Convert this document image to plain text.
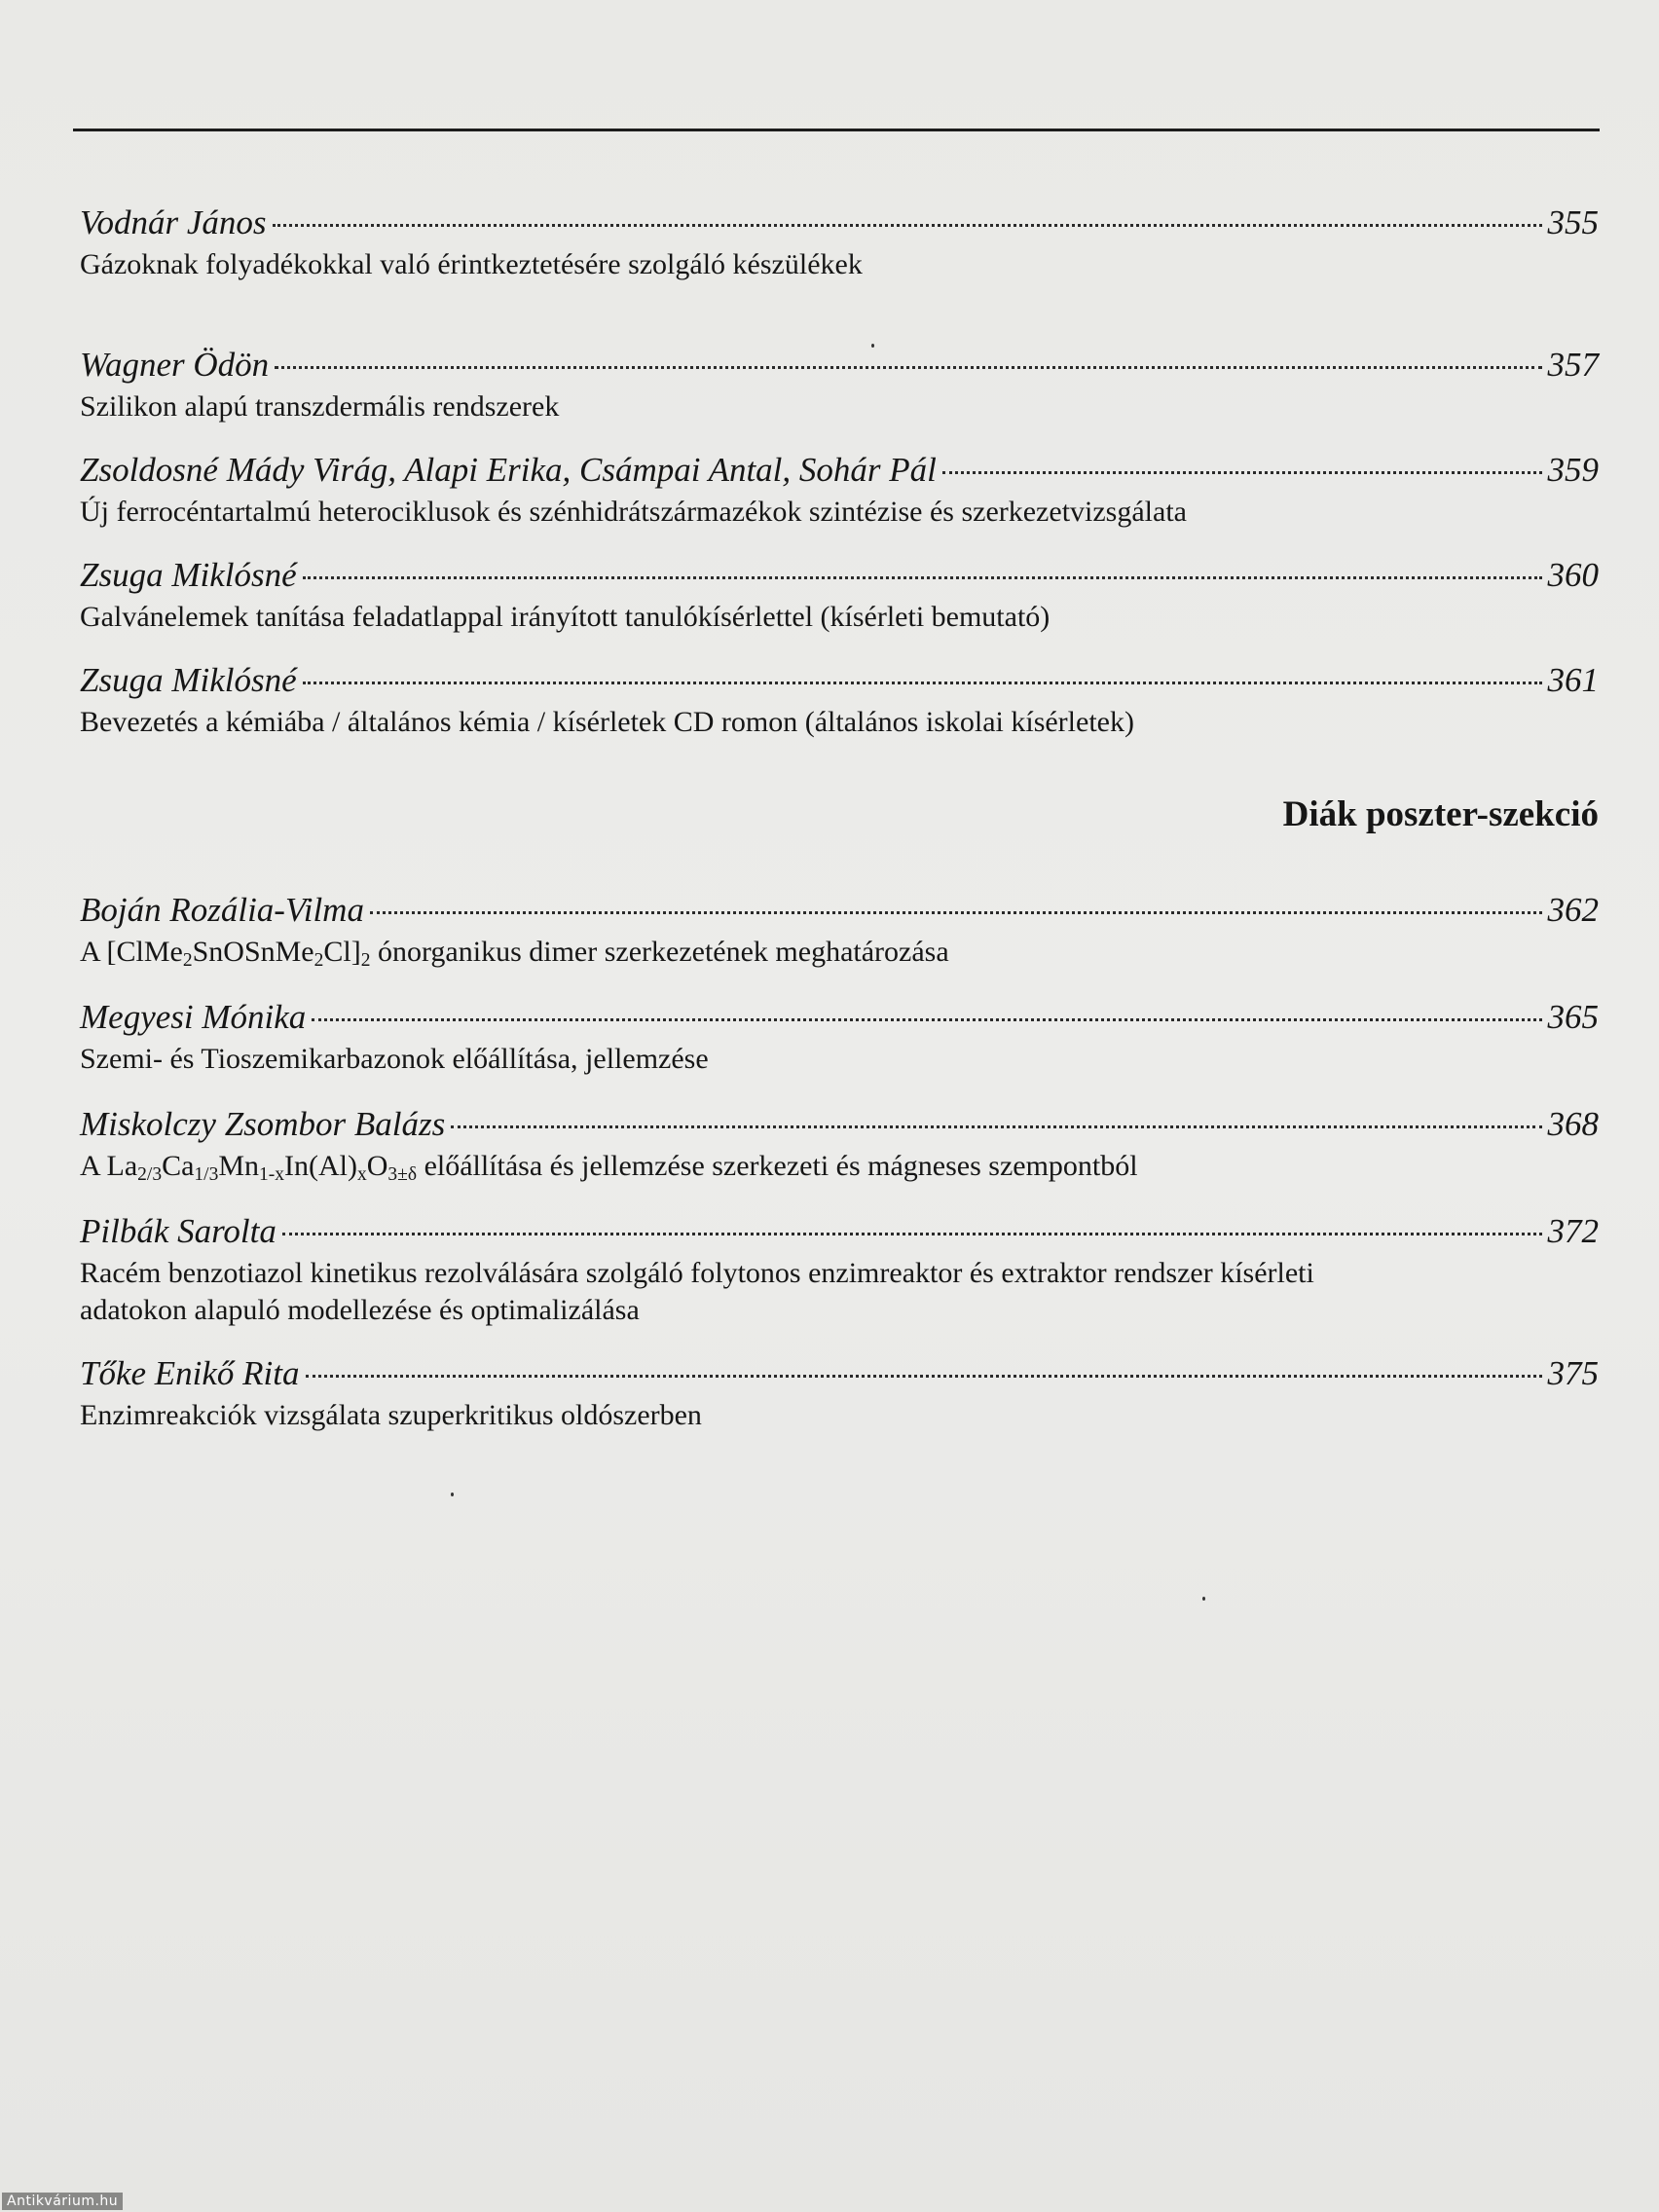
Vodnár János	355
Gázoknak folyadékokkal való érintkeztetésére szolgáló készülékek
Wagner Ödön	357
Szilikon alapú transzdermális rendszerek
Zsoldosné Mády Virág, Alapi Erika, Csámpai Antal, Sohár Pál	359
Új ferrocéntartalmú heterociklusok és szénhidrátszármazékok szintézise és szerkezetvizsgálata
Zsuga Miklósné	360
Galvánelemek tanítása feladatlappal irányított tanulókísérlettel (kísérleti bemutató)
Zsuga Miklósné	361
Bevezetés a kémiába / általános kémia / kísérletek CD romon (általános iskolai kísérletek)
Diák poszter-szekció
Boján Rozália-Vilma	362
A $[ClMe_2SnOSnMe_2Cl]_2$ ónorganikus dimer szerkezetének meghatározása
Megyesi Mónika	365
Szemi- és Tioszemikarbazonok előállítása, jellemzése
Miskolczy Zsombor Balázs	368
A $La_{2/3}Ca_{1/3}Mn_{1-x}In(Al)_xO_{3\pm\delta}$ előállítása és jellemzése szerkezeti és mágneses szempontból
Pilbák Sarolta	372
Racém benzotiazol kinetikus rezolválására szolgáló folytonos enzimreaktor és extraktor rendszer kísérleti
adatokon alapuló modellezése és optimalizálása
Tőke Enikő Rita	375
Enzimreakciók vizsgálata szuperkritikus oldószerben
Antikvárium.hu
